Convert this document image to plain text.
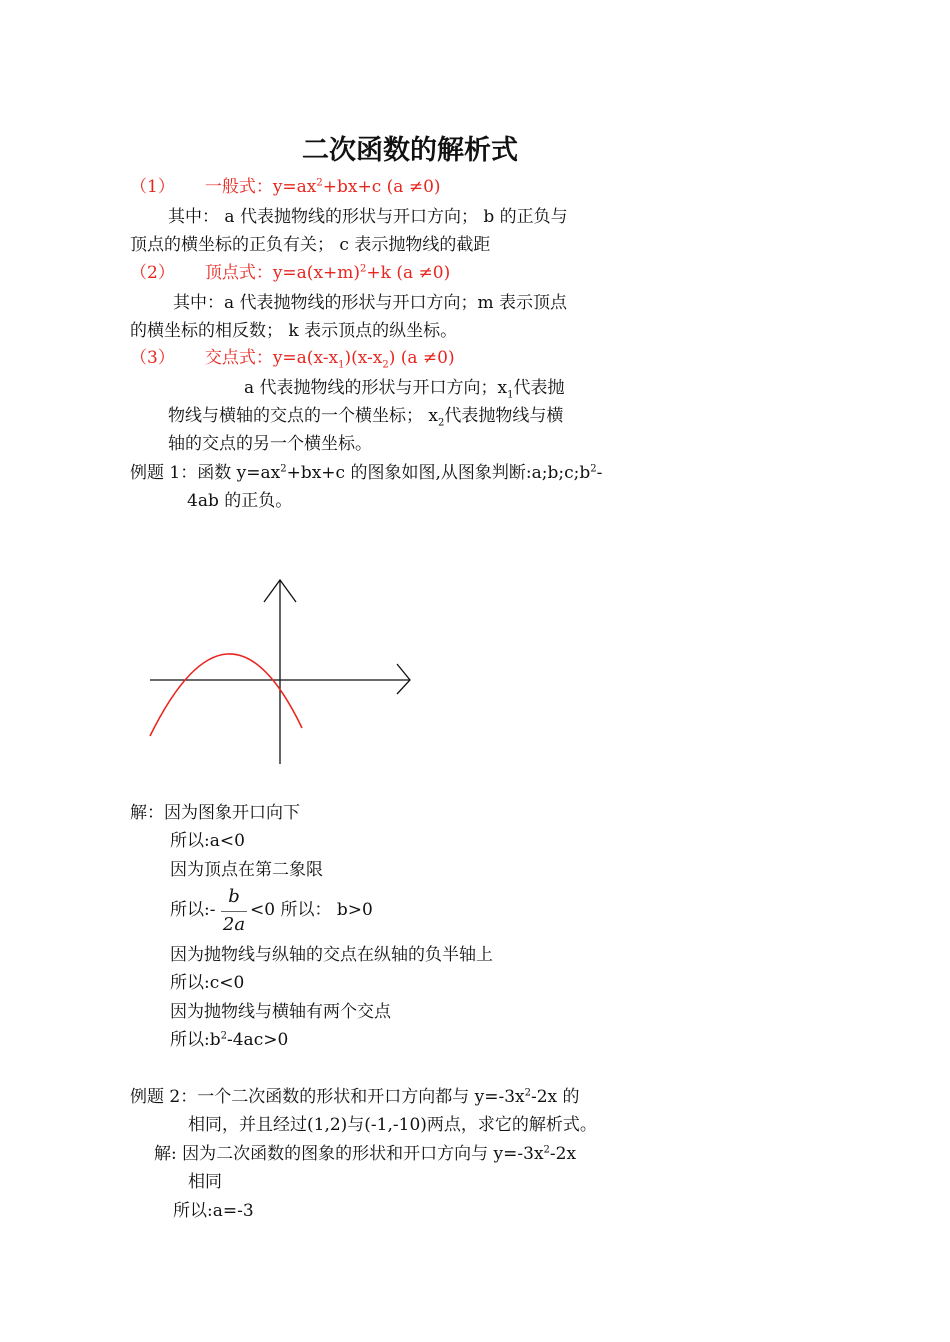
二次函数的解析式
（1） 一般式：$y=ax^2+bx+c$ (a ≠0)
其中： a 代表抛物线的形状与开口方向； b 的正负与
顶点的横坐标的正负有关； c 表示抛物线的截距
（2） 顶点式：$y=a(x+m)^2+k$ (a ≠0)
其中：a 代表抛物线的形状与开口方向；m 表示顶点
的横坐标的相反数； k 表示顶点的纵坐标。
（3） 交点式：$y=a(x-x_1)(x-x_2)$ (a ≠0)
a 代表抛物线的形状与开口方向；$x_1$代表抛
物线与横轴的交点的一个横坐标； $x_2$代表抛物线与横
轴的交点的另一个横坐标。
例题 1：函数 $y=ax^2+bx+c$ 的图象如图,从图象判断$:a;b;c;b^2-$
4ab 的正负。
解：因为图象开口向下
所以:a<0
因为顶点在第二象限
所以:-
b
2a
<0 所以： b>0
因为抛物线与纵轴的交点在纵轴的负半轴上
所以:c<0
因为抛物线与横轴有两个交点
所以$:b^2-4ac>0$
例题 2：一个二次函数的形状和开口方向都与 $y=-3x^2-2x$ 的
相同，并且经过(1,2)与(-1,-10)两点，求它的解析式。
解: 因为二次函数的图象的形状和开口方向与 $y=-3x^2-2x$
相同
所以:a=-3
